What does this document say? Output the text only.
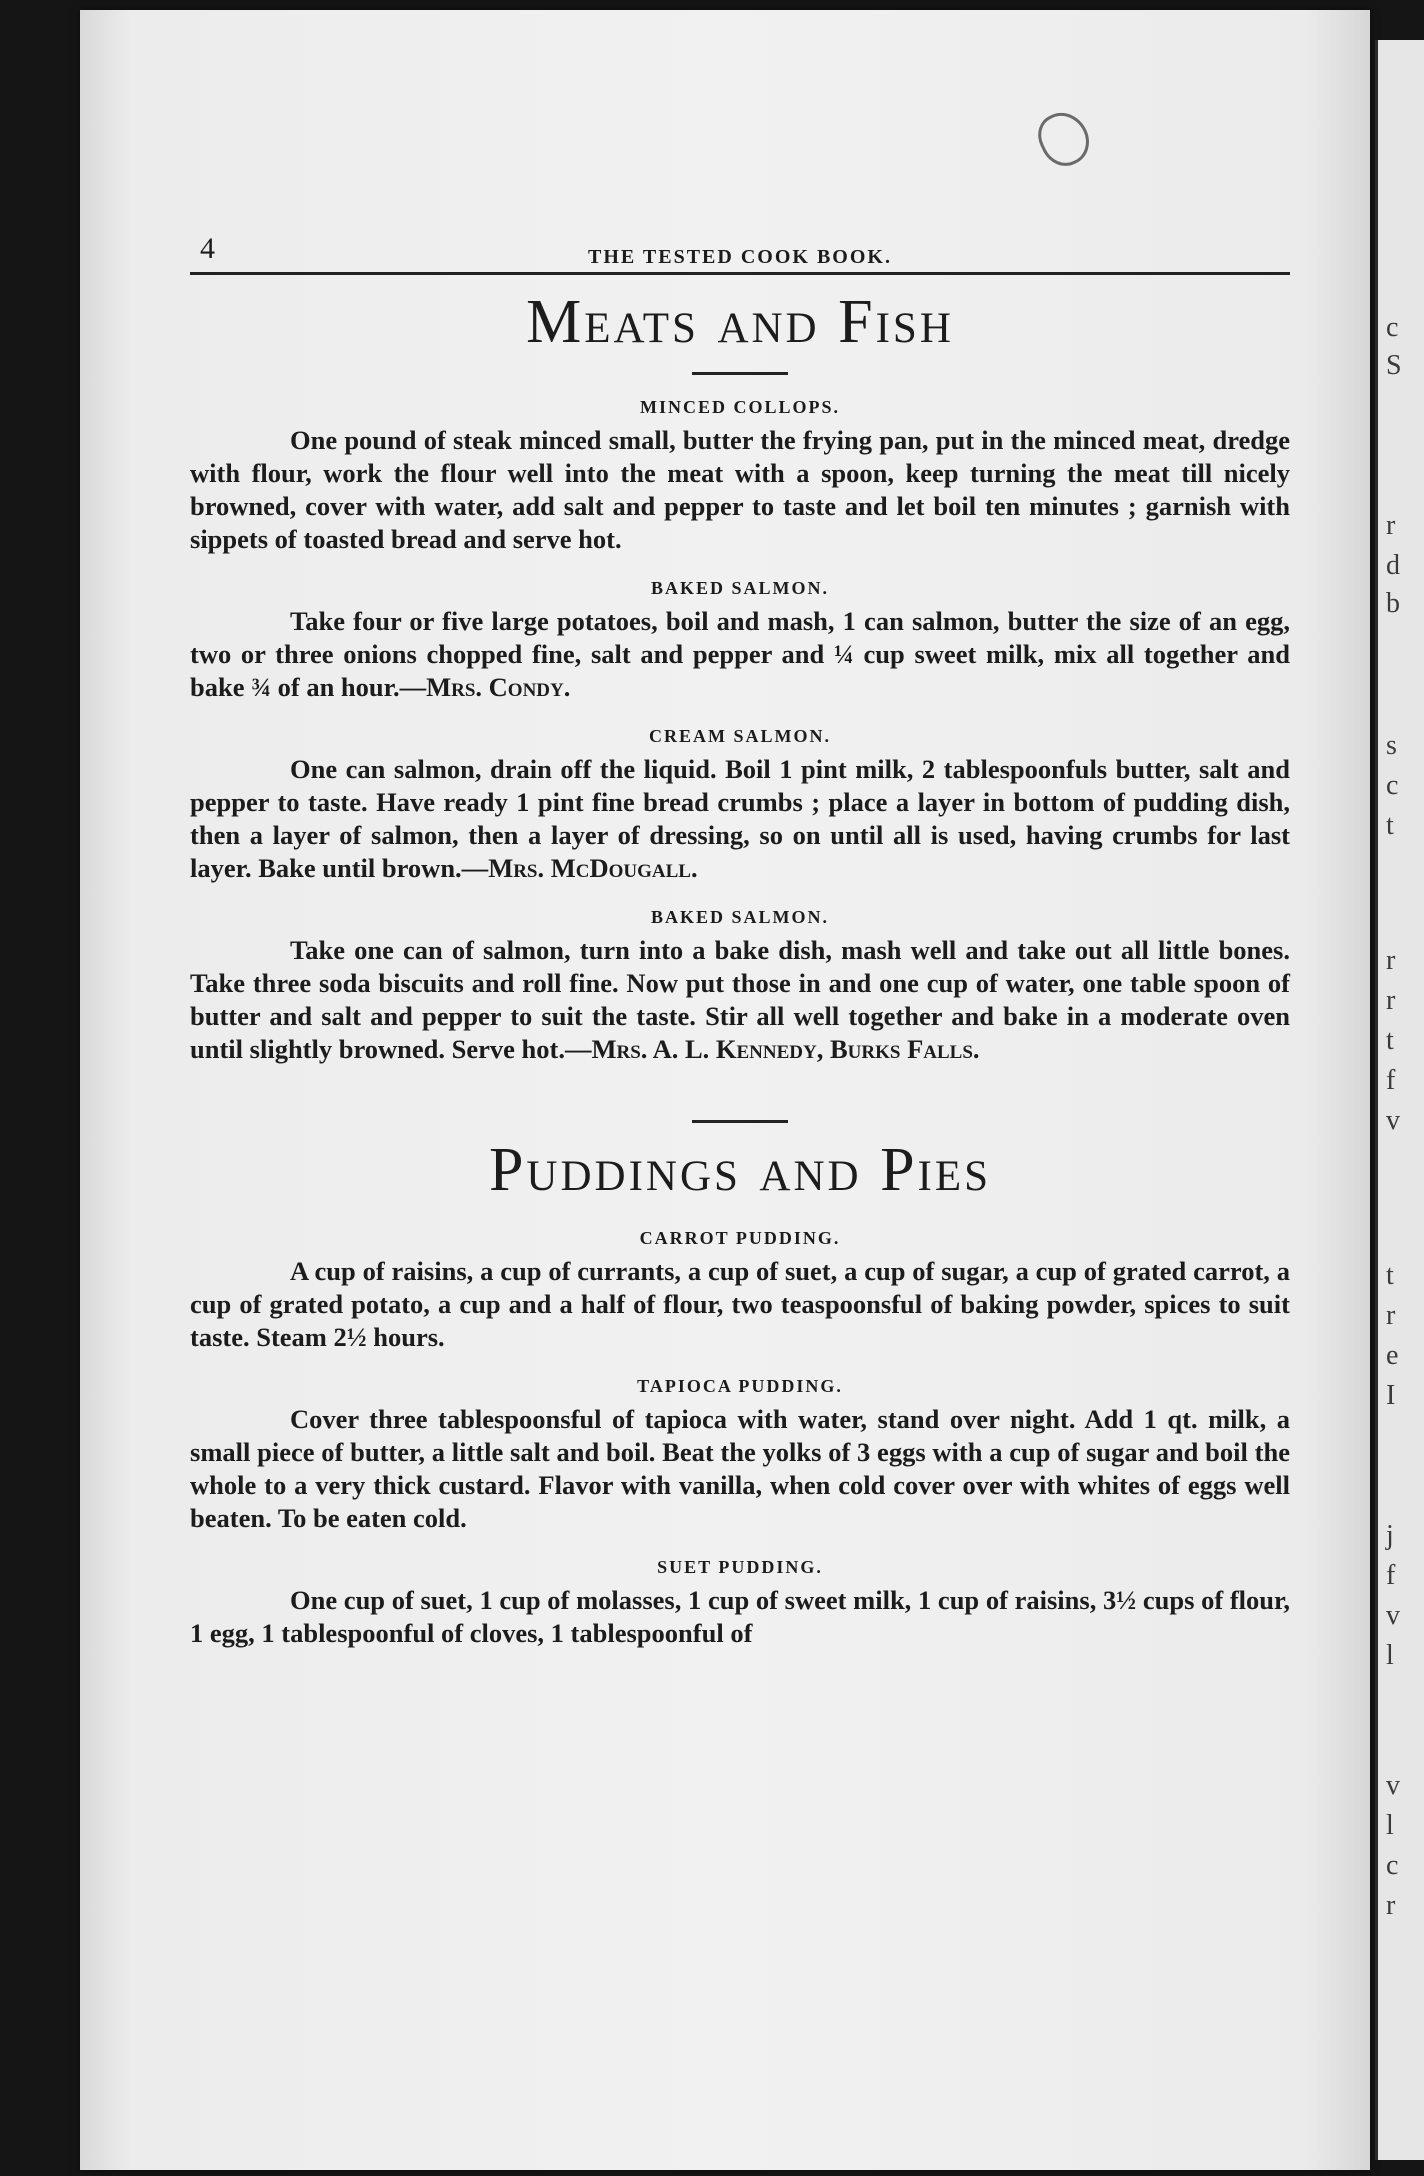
c
S
r
d
b
s
c
t
r
r
t
f
v
t
r
e
I
j
f
v
l
v
l
c
r
4	THE TESTED COOK BOOK.
Meats and Fish
MINCED COLLOPS.

One pound of steak minced small, butter the frying pan, put in the minced meat, dredge with flour, work the flour well into the meat with a spoon, keep turning the meat till nicely browned, cover with water, add salt and pepper to taste and let boil ten minutes ; garnish with sippets of toasted bread and serve hot.

BAKED SALMON.

Take four or five large potatoes, boil and mash, 1 can salmon, butter the size of an egg, two or three onions chopped fine, salt and pepper and ¼ cup sweet milk, mix all together and bake ¾ of an hour.—Mrs. Condy.

CREAM SALMON.

One can salmon, drain off the liquid. Boil 1 pint milk, 2 tablespoonfuls butter, salt and pepper to taste. Have ready 1 pint fine bread crumbs ; place a layer in bottom of pudding dish, then a layer of salmon, then a layer of dressing, so on until all is used, having crumbs for last layer. Bake until brown.—Mrs. McDougall.

BAKED SALMON.

Take one can of salmon, turn into a bake dish, mash well and take out all little bones. Take three soda biscuits and roll fine. Now put those in and one cup of water, one table spoon of butter and salt and pepper to suit the taste. Stir all well together and bake in a moderate oven until slightly browned. Serve hot.—Mrs. A. L. Kennedy, Burks Falls.

Puddings and Pies
CARROT PUDDING.

A cup of raisins, a cup of currants, a cup of suet, a cup of sugar, a cup of grated carrot, a cup of grated potato, a cup and a half of flour, two teaspoonsful of baking powder, spices to suit taste. Steam 2½ hours.

TAPIOCA PUDDING.

Cover three tablespoonsful of tapioca with water, stand over night. Add 1 qt. milk, a small piece of butter, a little salt and boil. Beat the yolks of 3 eggs with a cup of sugar and boil the whole to a very thick custard. Flavor with vanilla, when cold cover over with whites of eggs well beaten. To be eaten cold.

SUET PUDDING.

One cup of suet, 1 cup of molasses, 1 cup of sweet milk, 1 cup of raisins, 3½ cups of flour, 1 egg, 1 tablespoonful of cloves, 1 tablespoonful of
